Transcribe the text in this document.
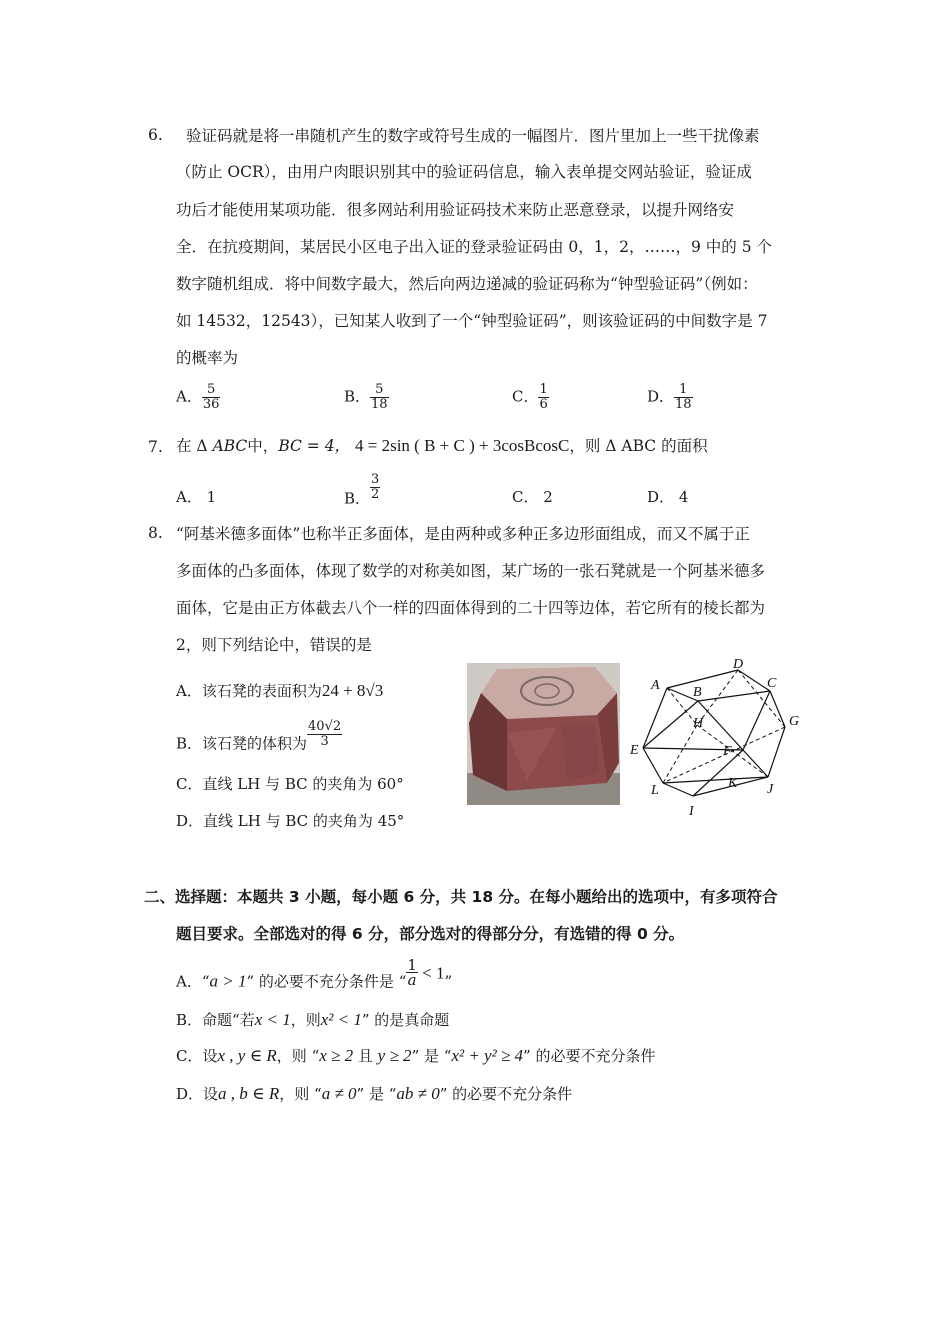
6. 验证码就是将一串随机产生的数字或符号生成的一幅图片．图片里加上一些干扰像素
（防止 OCR），由用户肉眼识别其中的验证码信息，输入表单提交网站验证，验证成
功后才能使用某项功能．很多网站利用验证码技术来防止恶意登录，以提升网络安
全．在抗疫期间，某居民小区电子出入证的登录验证码由 0，1，2，……，9 中的 5 个
数字随机组成．将中间数字最大，然后向两边递减的验证码称为“钟型验证码”（例如：
如 14532，12543），已知某人收到了一个“钟型验证码”，则该验证码的中间数字是 7
的概率为
A． $\frac{5}{36}$	B． $\frac{5}{18}$	C． $\frac{1}{6}$	D． $\frac{1}{18}$
7. 在 Δ ABC中，BC = 4， 4 = 2sin ( B + C ) + 3cosBcosC，则 Δ ABC 的面积
A． 1	B． $\frac{3}{2}$	C． 2	D． 4
8. “阿基米德多面体”也称半正多面体，是由两种或多种正多边形面组成，而又不属于正
多面体的凸多面体，体现了数学的对称美如图，某广场的一张石凳就是一个阿基米德多
面体，它是由正方体截去八个一样的四面体得到的二十四等边体，若它所有的棱长都为
2，则下列结论中，错误的是
A．该石凳的表面积为24 + 8√3
B．该石凳的体积为 $\frac{40√2}{3}$
C．直线 LH 与 BC 的夹角为 60°
D．直线 LH 与 BC 的夹角为 45°
D
A B
C
H	G
E	F
K
L	J
I
二、选择题：本题共 3 小题，每小题 6 分，共 18 分。在每小题给出的选项中，有多项符合
题目要求。全部选对的得 6 分，部分选对的得部分分，有选错的得 0 分。
A．“a > 1” 的必要不充分条件是 “ $\frac{1}{a} < 1$”
B．命题“若x < 1，则x² < 1” 的是真命题
C．设x , y ∈ R，则 “x ≥ 2 且 y ≥ 2” 是 “x² + y² ≥ 4” 的必要不充分条件
D．设a , b ∈ R，则 “a ≠ 0” 是 “ab ≠ 0” 的必要不充分条件
